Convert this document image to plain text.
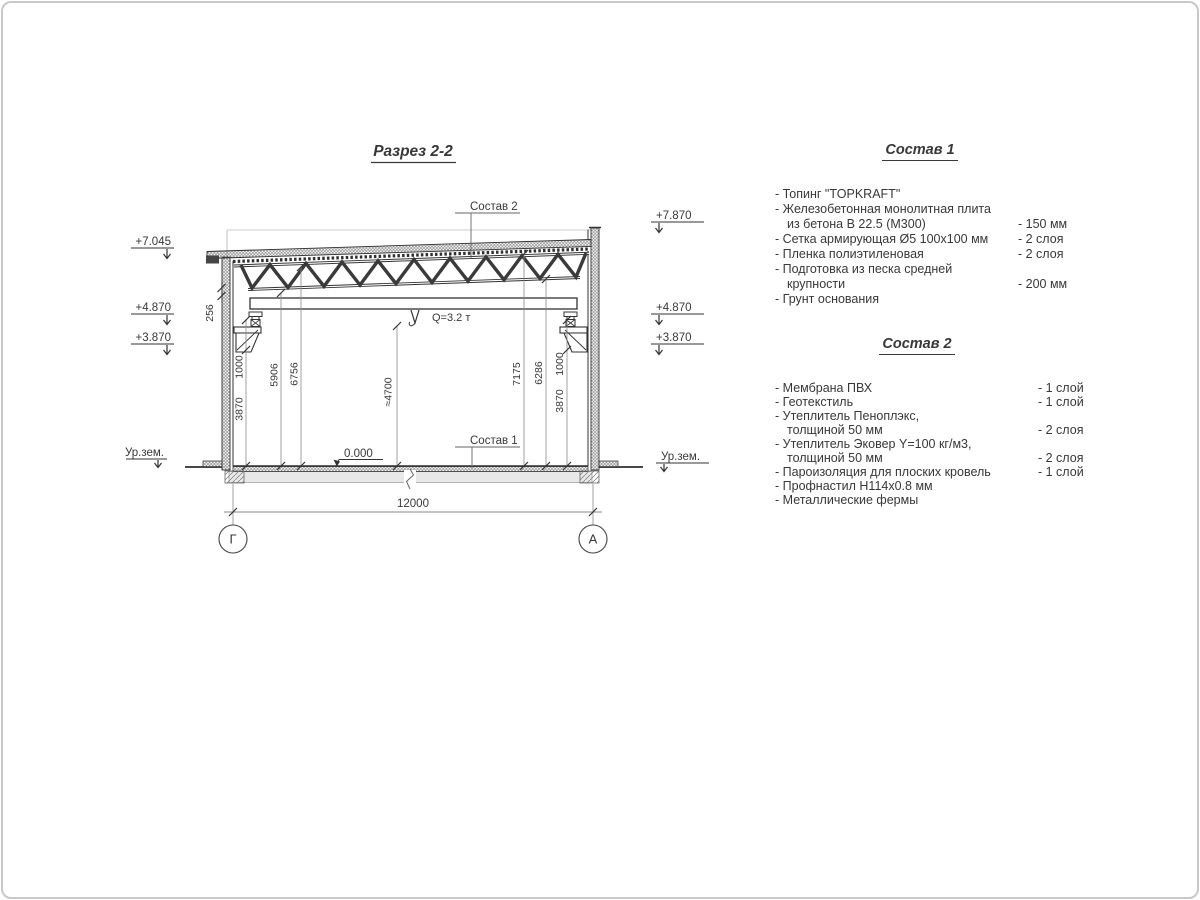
Разрез 2-2
Q=3.2 т
256
1000
3870
5906 6756
≈4700
7175 6286 1000
3870
12000
Г	А
+7.045
+4.870
+3.870
Ур.зем.
+7.870
+4.870
+3.870
Ур.зем.
Состав 2
Состав 1
0.000
Состав 1
- Топинг "TOPKRAFT"
- Железобетонная монолитная плита
из бетона В 22.5 (М300)	- 150 мм
- Сетка армирующая Ø5 100x100 мм	- 2 слоя
- Пленка полиэтиленовая	- 2 слоя
- Подготовка из песка средней
крупности	- 200 мм
- Грунт основания
Состав 2
- Мембрана ПВХ	- 1 слой
- Геотекстиль	- 1 слой
- Утеплитель Пеноплэкс,
толщиной 50 мм	- 2 слоя
- Утеплитель Эковер Y=100 кг/м3,
толщиной 50 мм	- 2 слоя
- Пароизоляция для плоских кровель	- 1 слой
- Профнастил Н114х0.8 мм
- Металлические фермы
